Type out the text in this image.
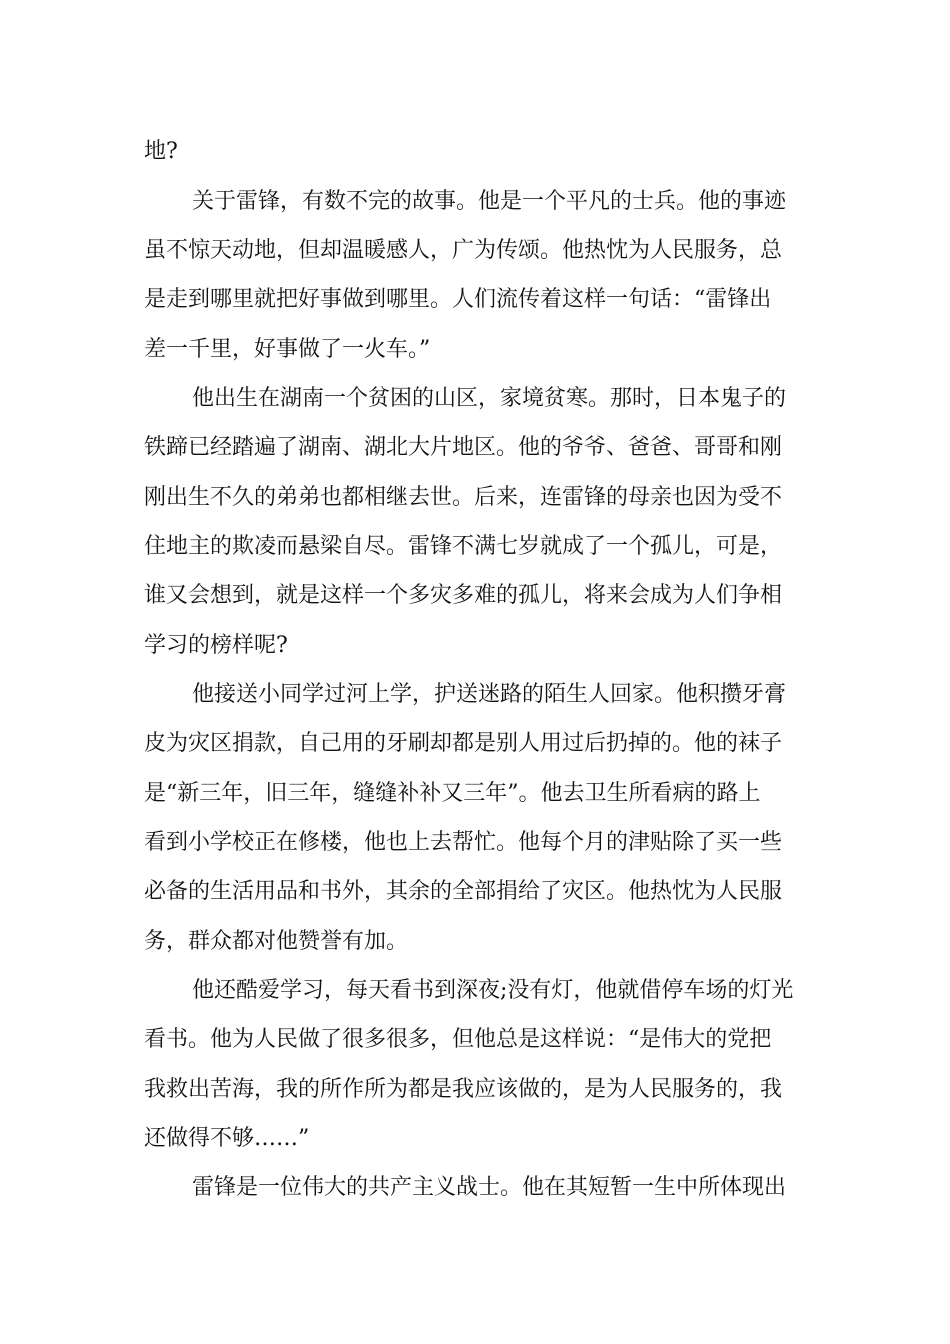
地?
关于雷锋，有数不完的故事。他是一个平凡的士兵。他的事迹
虽不惊天动地，但却温暖感人，广为传颂。他热忱为人民服务，总
是走到哪里就把好事做到哪里。人们流传着这样一句话：“雷锋出
差一千里，好事做了一火车。”
他出生在湖南一个贫困的山区，家境贫寒。那时，日本鬼子的
铁蹄已经踏遍了湖南、湖北大片地区。他的爷爷、爸爸、哥哥和刚
刚出生不久的弟弟也都相继去世。后来，连雷锋的母亲也因为受不
住地主的欺凌而悬梁自尽。雷锋不满七岁就成了一个孤儿，可是，
谁又会想到，就是这样一个多灾多难的孤儿，将来会成为人们争相
学习的榜样呢?
他接送小同学过河上学，护送迷路的陌生人回家。他积攒牙膏
皮为灾区捐款，自己用的牙刷却都是别人用过后扔掉的。他的袜子
是“新三年，旧三年，缝缝补补又三年”。他去卫生所看病的路上
看到小学校正在修楼，他也上去帮忙。他每个月的津贴除了买一些
必备的生活用品和书外，其余的全部捐给了灾区。他热忱为人民服
务，群众都对他赞誉有加。
他还酷爱学习，每天看书到深夜;没有灯，他就借停车场的灯光
看书。他为人民做了很多很多，但他总是这样说：“是伟大的党把
我救出苦海，我的所作所为都是我应该做的，是为人民服务的，我
还做得不够……”
雷锋是一位伟大的共产主义战士。他在其短暂一生中所体现出
